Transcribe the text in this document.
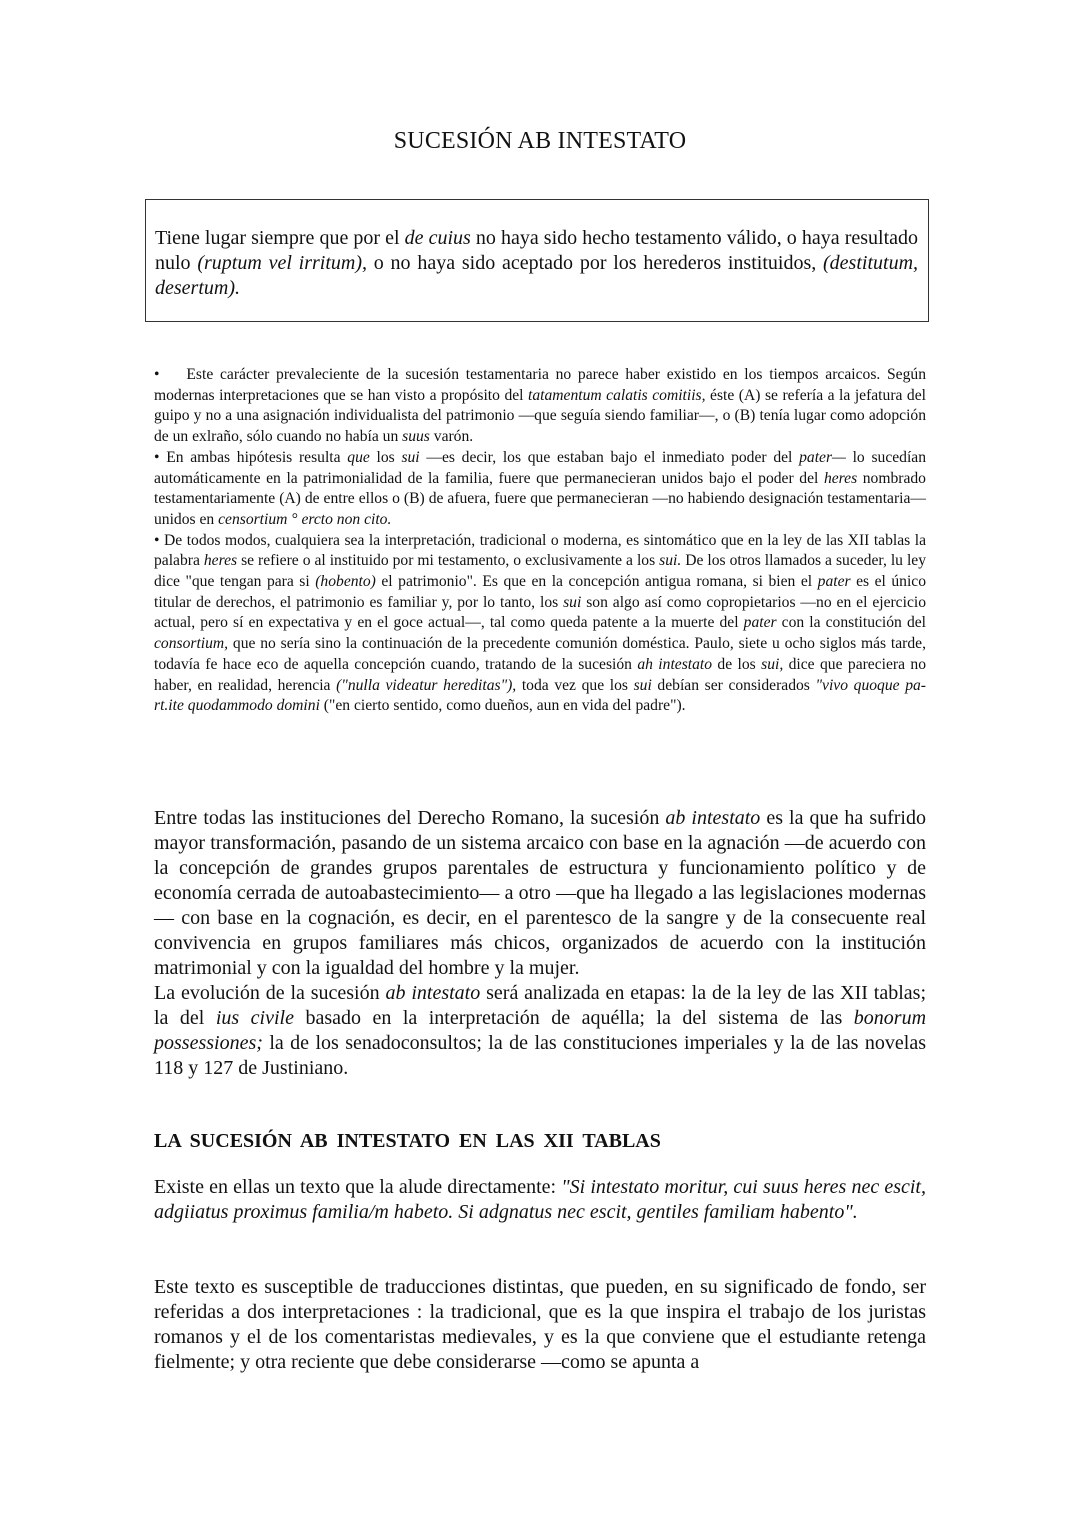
SUCESIÓN AB INTESTATO

Tiene lugar siempre que por el de cuius no haya sido hecho testamento válido, o haya resultado nulo (ruptum vel irritum), o no haya sido aceptado por los herederos instituidos, (destitutum, desertum).

• Este carácter prevaleciente de la sucesión testamentaria no parece haber existido en los tiempos arcaicos. Según modernas interpretaciones que se han visto a propósito del tatamentum calatis comitiis, éste (A) se refería a la jefatura del guipo y no a una asignación individualista del patrimonio —que seguía siendo familiar—, o (B) tenía lugar como adopción de un exlraño, sólo cuando no había un suus varón.

• En ambas hipótesis resulta que los sui —es decir, los que estaban bajo el inmediato poder del pater— lo sucedían automáticamente en la patrimonialidad de la familia, fuere que permanecieran unidos bajo el poder del heres nombrado testamentariamente (A) de entre ellos o (B) de afuera, fuere que permanecieran —no habiendo designación testamentaria— unidos en censortium ° ercto non cito.

• De todos modos, cualquiera sea la interpretación, tradicional o moderna, es sintomático que en la ley de las XII tablas la palabra heres se refiere o al instituido por mi testamento, o exclusivamente a los sui. De los otros llamados a suceder, lu ley dice "que tengan para si (hobento) el patrimonio". Es que en la concepción antigua romana, si bien el pater es el único titular de derechos, el patrimonio es familiar y, por lo tanto, los sui son algo así como copropietarios —no en el ejercicio actual, pero sí en expectativa y en el goce actual—, tal como queda patente a la muerte del pater con la constitución del consortium, que no sería sino la continuación de la precedente comunión doméstica. Paulo, siete u ocho siglos más tarde, todavía fe hace eco de aquella concepción cuando, tratando de la sucesión ah intestato de los sui, dice que pareciera no haber, en realidad, herencia ("nulla videatur hereditas"), toda vez que los sui debían ser considerados "vivo quoque pa-rt.ite quodammodo domini ("en cierto sentido, como dueños, aun en vida del padre").

Entre todas las instituciones del Derecho Romano, la sucesión ab intestato es la que ha sufrido mayor transformación, pasando de un sistema arcaico con base en la agnación —de acuerdo con la concepción de grandes grupos parentales de estructura y funcionamiento político y de economía cerrada de autoabastecimiento— a otro —que ha llegado a las legislaciones modernas— con base en la cognación, es decir, en el parentesco de la sangre y de la consecuente real convivencia en grupos familiares más chicos, organizados de acuerdo con la institución matrimonial y con la igualdad del hombre y la mujer.

La evolución de la sucesión ab intestato será analizada en etapas: la de la ley de las XII tablas; la del ius civile basado en la interpretación de aquélla; la del sistema de las bonorum possessiones; la de los senadoconsultos; la de las constituciones imperiales y la de las novelas 118 y 127 de Justiniano.

LA SUCESIÓN AB INTESTATO EN LAS XII TABLAS

Existe en ellas un texto que la alude directamente: "Si intestato moritur, cui suus heres nec escit, adgiiatus proximus familia/m habeto. Si adgnatus nec escit, gentiles familiam habento".

Este texto es susceptible de traducciones distintas, que pueden, en su significado de fondo, ser referidas a dos interpretaciones : la tradicional, que es la que inspira el trabajo de los juristas romanos y el de los comentaristas medievales, y es la que conviene que el estudiante retenga fielmente; y otra reciente que debe considerarse —como se apunta a
